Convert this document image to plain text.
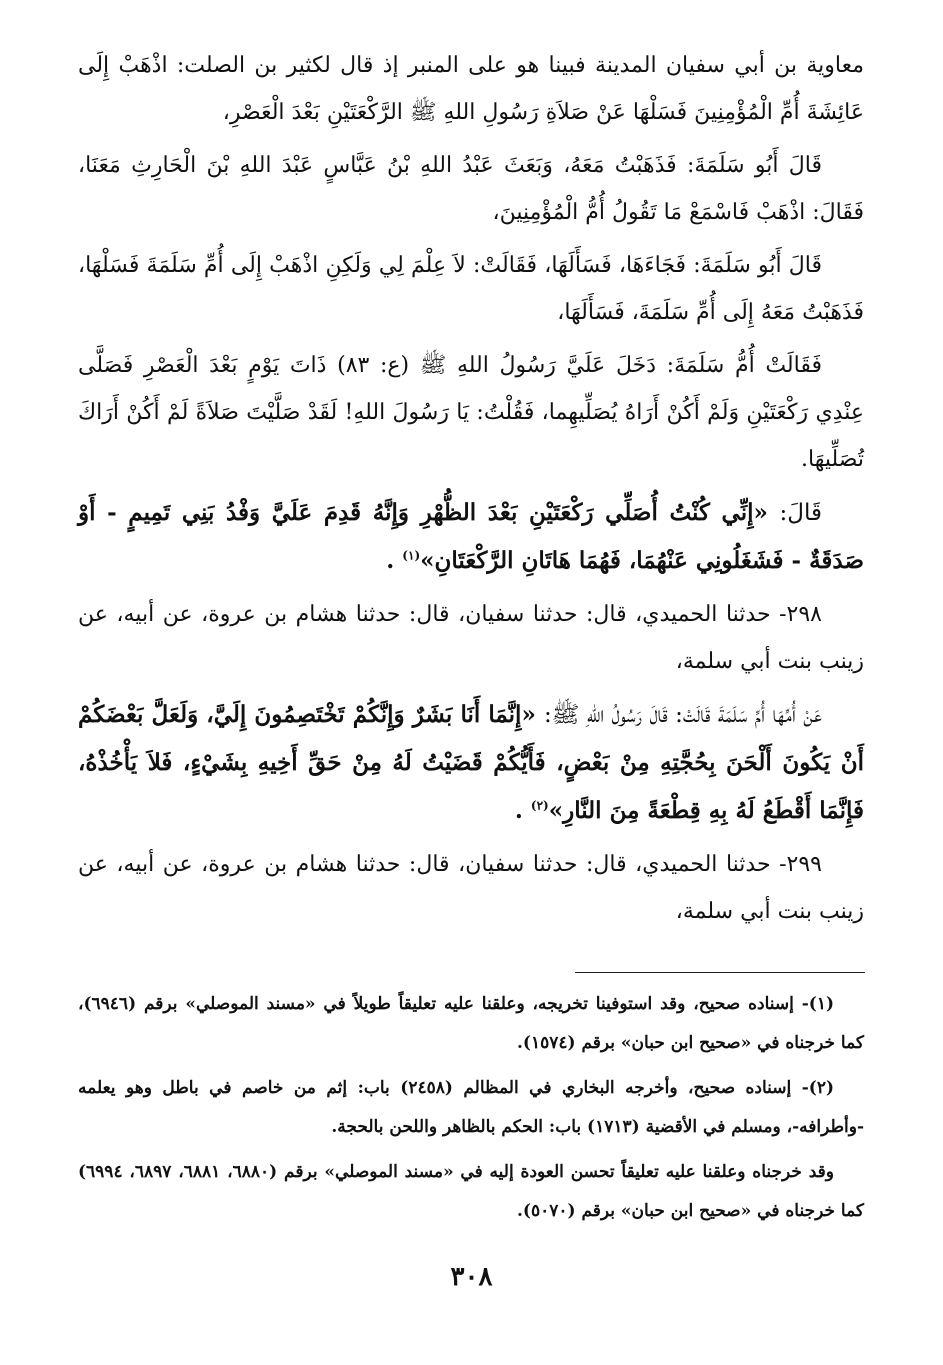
معاوية بن أبي سفيان المدينة فبينا هو على المنبر إذ قال لكثير بن الصلت: اذْهَبْ إِلَى عَائِشَةَ أُمِّ الْمُؤْمِنِينَ فَسَلْهَا عَنْ صَلاَةِ رَسُولِ اللهِ ﷺ الرَّكْعَتَيْنِ بَعْدَ الْعَصْرِ،

قَالَ أَبُو سَلَمَةَ: فَذَهَبْتُ مَعَهُ، وَبَعَثَ عَبْدُ اللهِ بْنُ عَبَّاسٍ عَبْدَ اللهِ بْنَ الْحَارِثِ مَعَنَا، فَقَالَ: اذْهَبْ فَاسْمَعْ مَا تَقُولُ أُمُّ الْمُؤْمِنِينَ،

قَالَ أَبُو سَلَمَةَ: فَجَاءَهَا، فَسَأَلَهَا، فَقَالَتْ: لاَ عِلْمَ لِي وَلَكِنِ اذْهَبْ إِلَى أُمِّ سَلَمَةَ فَسَلْهَا، فَذَهَبْتُ مَعَهُ إِلَى أُمِّ سَلَمَةَ، فَسَأَلَهَا،

فَقَالَتْ أُمُّ سَلَمَةَ: دَخَلَ عَلَيَّ رَسُولُ اللهِ ﷺ (ع: ٨٣) ذَاتَ يَوْمٍ بَعْدَ الْعَصْرِ فَصَلَّى عِنْدِي رَكْعَتَيْنِ وَلَمْ أَكُنْ أَرَاهُ يُصَلِّيهِما، فَقُلْتُ: يَا رَسُولَ اللهِ! لَقَدْ صَلَّيْتَ صَلاَةً لَمْ أَكُنْ أَرَاكَ تُصَلِّيهَا.

قَالَ: «إِنِّي كُنْتُ أُصَلِّي رَكْعَتَيْنِ بَعْدَ الظُّهْرِ وَإِنَّهُ قَدِمَ عَلَيَّ وَفْدُ بَنِي تَمِيمٍ - أَوْ صَدَقَةٌ - فَشَغَلُونِي عَنْهُمَا، فَهُمَا هَاتَانِ الرَّكْعَتَانِ»$^{(١)}$ .

٢٩٨- حدثنا الحميدي، قال: حدثنا سفيان، قال: حدثنا هشام بن عروة، عن أبيه، عن زينب بنت أبي سلمة،

عَنْ أُمِّهَا أُمِّ سَلَمَةَ قَالَتْ: قَالَ رَسُولُ اللهِ ﷺ: «إِنَّمَا أَنَا بَشَرٌ وَإِنَّكُمْ تَخْتَصِمُونَ إِلَيَّ، وَلَعَلَّ بَعْضَكُمْ أَنْ يَكُونَ أَلْحَنَ بِحُجَّتِهِ مِنْ بَعْضٍ، فَأَيُّكُمْ قَضَيْتُ لَهُ مِنْ حَقِّ أَخِيهِ بِشَيْءٍ، فَلاَ يَأْخُذْهُ، فَإِنَّمَا أَقْطَعُ لَهُ بِهِ قِطْعَةً مِنَ النَّارِ»$^{(٢)}$ .

٢٩٩- حدثنا الحميدي، قال: حدثنا سفيان، قال: حدثنا هشام بن عروة، عن أبيه، عن زينب بنت أبي سلمة،

(١)- إسناده صحيح، وقد استوفينا تخريجه، وعلقنا عليه تعليقاً طويلاً في «مسند الموصلي» برقم (٦٩٤٦)، كما خرجناه في «صحيح ابن حبان» برقم (١٥٧٤).

(٢)- إسناده صحيح، وأخرجه البخاري في المظالم (٢٤٥٨) باب: إثم من خاصم في باطل وهو يعلمه -وأطرافه-، ومسلم في الأقضية (١٧١٣) باب: الحكم بالظاهر واللحن بالحجة.

وقد خرجناه وعلقنا عليه تعليقاً تحسن العودة إليه في «مسند الموصلي» برقم (٦٨٨٠، ٦٨٨١، ٦٨٩٧، ٦٩٩٤) كما خرجناه في «صحيح ابن حبان» برقم (٥٠٧٠).

٣٠٨
